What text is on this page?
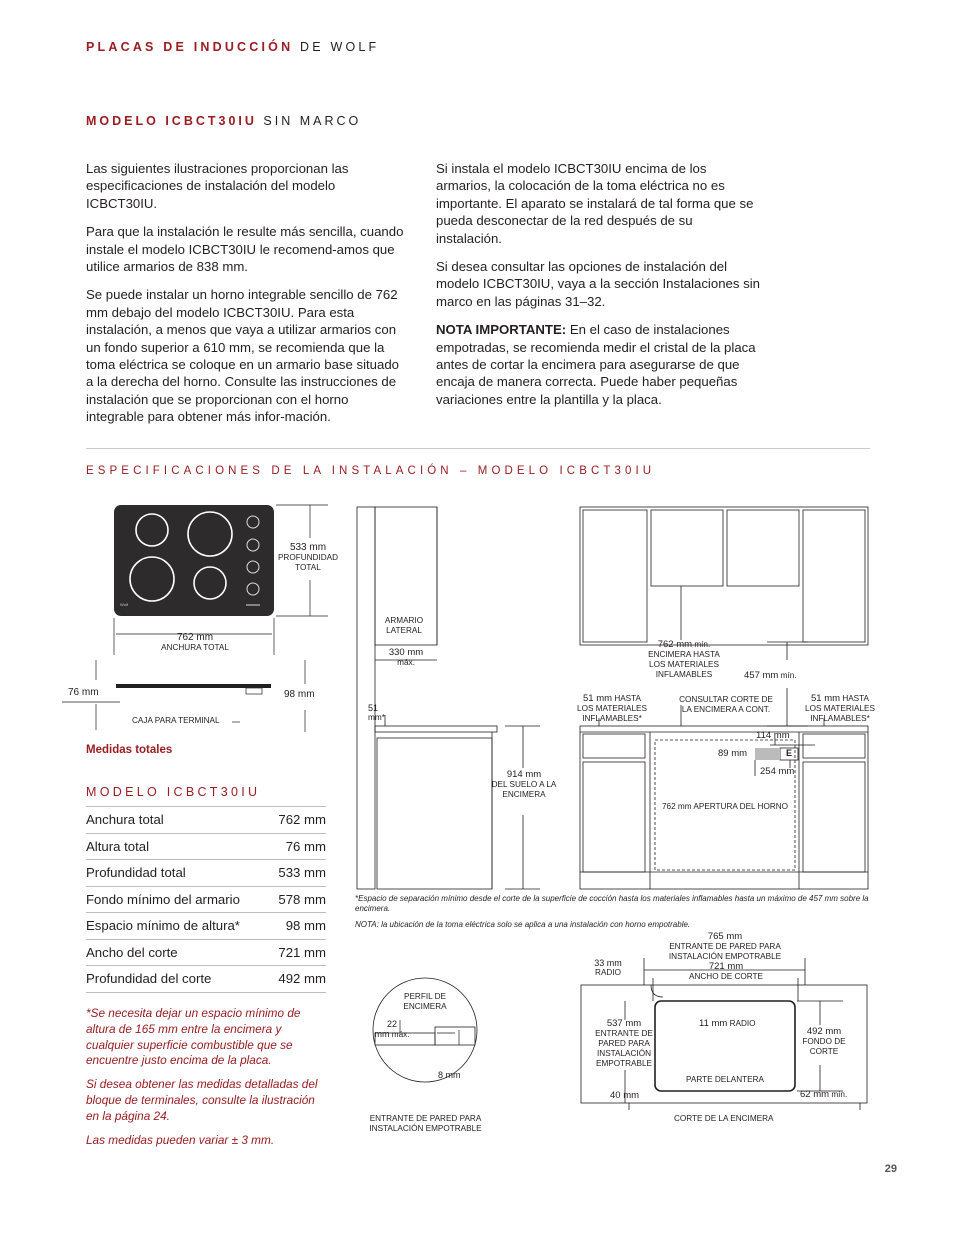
PLACAS DE INDUCCIÓN DE WOLF
MODELO ICBCT30IU SIN MARCO

Las siguientes ilustraciones proporcionan las especificaciones de instalación del modelo ICBCT30IU.

Para que la instalación le resulte más sencilla, cuando instale el modelo ICBCT30IU le recomend-amos que utilice armarios de 838 mm.

Se puede instalar un horno integrable sencillo de 762 mm debajo del modelo ICBCT30IU. Para esta instalación, a menos que vaya a utilizar armarios con un fondo superior a 610 mm, se recomienda que la toma eléctrica se coloque en un armario base situado a la derecha del horno. Consulte las instrucciones de instalación que se proporcionan con el horno integrable para obtener más infor-mación.

Si instala el modelo ICBCT30IU encima de los armarios, la colocación de la toma eléctrica no es importante. El aparato se instalará de tal forma que se pueda desconectar de la red después de su instalación.

Si desea consultar las opciones de instalación del modelo ICBCT30IU, vaya a la sección Instalaciones sin marco en las páginas 31–32.

NOTA IMPORTANTE: En el caso de instalaciones empotradas, se recomienda medir el cristal de la placa antes de cortar la encimera para asegurarse de que encaja de manera correcta. Puede haber pequeñas variaciones entre la plantilla y la placa.

ESPECIFICACIONES DE LA INSTALACIÓN – MODELO ICBCT30IU
Wolf
533 mm
PROFUNDIDAD TOTAL
762 mm
ANCHURA TOTAL
76 mm	98 mm
CAJA PARA TERMINAL
Medidas totales
ARMARIO LATERAL
330 mm
máx.
51
mm*
914 mm
DEL SUELO A LA ENCIMERA
762 mm mín.
ENCIMERA HASTA LOS MATERIALES INFLAMABLES	457 mm mín.
51 mm HASTA
LOS MATERIALES INFLAMABLES*
CONSULTAR CORTE DE LA ENCIMERA A CONT.
51 mm HASTA
LOS MATERIALES INFLAMABLES*
114 mm
89 mm	E
254 mm
762 mm APERTURA DEL HORNO
*Espacio de separación mínimo desde el corte de la superficie de cocción hasta los materiales inflamables hasta un máximo de 457 mm sobre la encimera.
NOTA: la ubicación de la toma eléctrica solo se aplica a una instalación con horno empotrable.
PERFIL DE ENCIMERA
22
mm máx.
8 mm
ENTRANTE DE PARED PARA INSTALACIÓN EMPOTRABLE
33 mm
RADIO
765 mm
ENTRANTE DE PARED PARA INSTALACIÓN EMPOTRABLE
721 mm
ANCHO DE CORTE
537 mm
ENTRANTE DE PARED PARA INSTALACIÓN EMPOTRABLE
11 mm RADIO
492 mm
FONDO DE CORTE
PARTE DELANTERA
40 mm	62 mm mín.
CORTE DE LA ENCIMERA
MODELO ICBCT30IU
Anchura total	762 mm
Altura total	76 mm
Profundidad total	533 mm
Fondo mínimo del armario	578 mm
Espacio mínimo de altura*	98 mm
Ancho del corte	721 mm
Profundidad del corte	492 mm

*Se necesita dejar un espacio mínimo de altura de 165 mm entre la encimera y cualquier superficie combustible que se encuentre justo encima de la placa.

Si desea obtener las medidas detalladas del bloque de terminales, consulte la ilustración en la página 24.

Las medidas pueden variar ± 3 mm.

29
